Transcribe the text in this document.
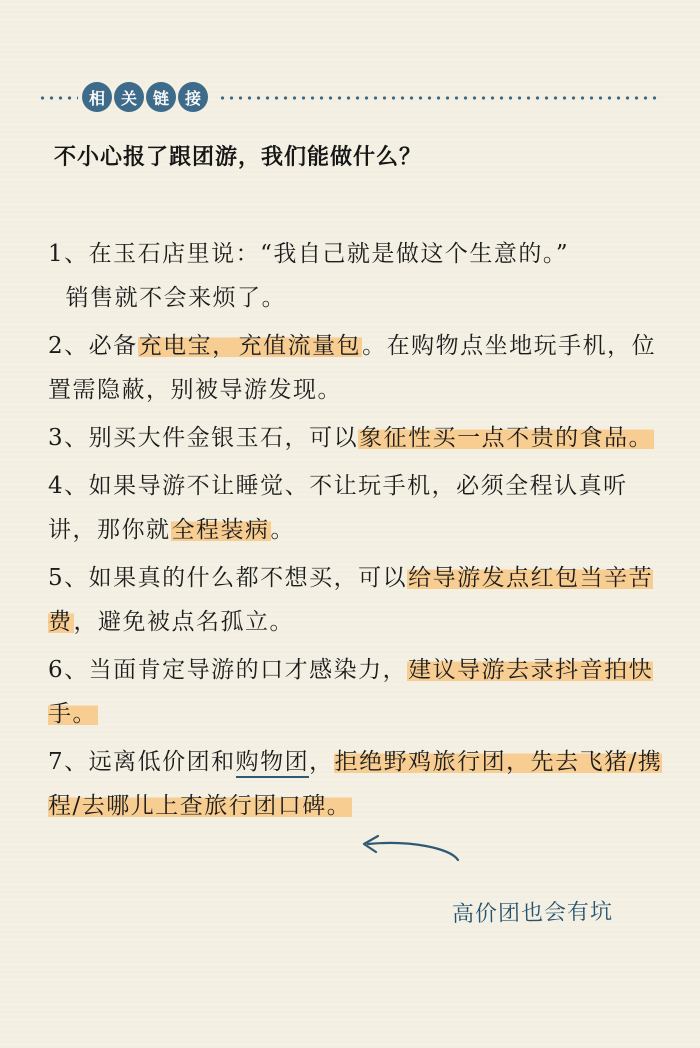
相 关 链 接
不小心报了跟团游，我们能做什么？
1、在玉石店里说：“我自己就是做这个生意的。”
销售就不会来烦了。
2、必备充电宝，充值流量包。在购物点坐地玩手机，位置需隐蔽，别被导游发现。
3、别买大件金银玉石，可以象征性买一点不贵的食品。
4、如果导游不让睡觉、不让玩手机，必须全程认真听讲，那你就全程装病。
5、如果真的什么都不想买，可以给导游发点红包当辛苦费，避免被点名孤立。
6、当面肯定导游的口才感染力，建议导游去录抖音拍快手。
7、远离低价团和购物团，拒绝野鸡旅行团，先去飞猪/携程/去哪儿上查旅行团口碑。
高价团也会有坑
